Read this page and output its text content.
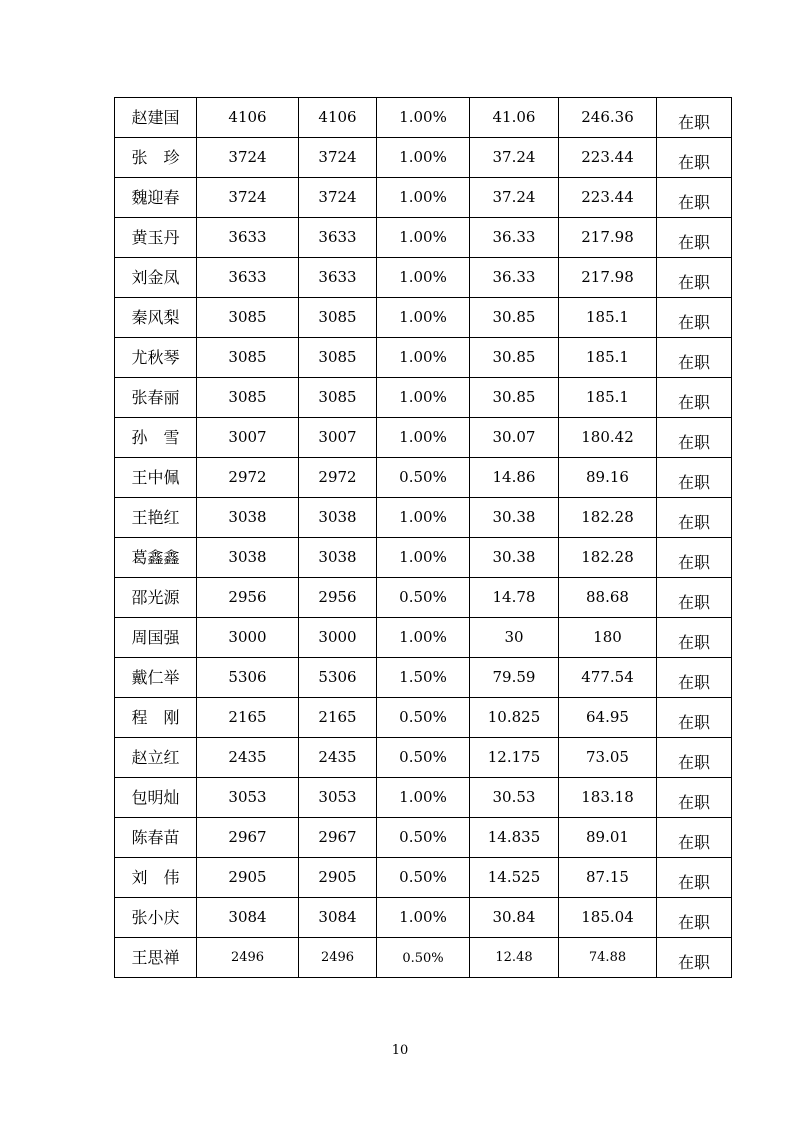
赵建国	4106	4106	1.00%	41.06	246.36	在职
张　珍	3724	3724	1.00%	37.24	223.44	在职
魏迎春	3724	3724	1.00%	37.24	223.44	在职
黄玉丹	3633	3633	1.00%	36.33	217.98	在职
刘金凤	3633	3633	1.00%	36.33	217.98	在职
秦风梨	3085	3085	1.00%	30.85	185.1	在职
尤秋琴	3085	3085	1.00%	30.85	185.1	在职
张春丽	3085	3085	1.00%	30.85	185.1	在职
孙　雪	3007	3007	1.00%	30.07	180.42	在职
王中佩	2972	2972	0.50%	14.86	89.16	在职
王艳红	3038	3038	1.00%	30.38	182.28	在职
葛鑫鑫	3038	3038	1.00%	30.38	182.28	在职
邵光源	2956	2956	0.50%	14.78	88.68	在职
周国强	3000	3000	1.00%	30	180	在职
戴仁举	5306	5306	1.50%	79.59	477.54	在职
程　刚	2165	2165	0.50%	10.825	64.95	在职
赵立红	2435	2435	0.50%	12.175	73.05	在职
包明灿	3053	3053	1.00%	30.53	183.18	在职
陈春苗	2967	2967	0.50%	14.835	89.01	在职
刘　伟	2905	2905	0.50%	14.525	87.15	在职
张小庆	3084	3084	1.00%	30.84	185.04	在职
王思禅	2496	2496	0.50%	12.48	74.88	在职
10
